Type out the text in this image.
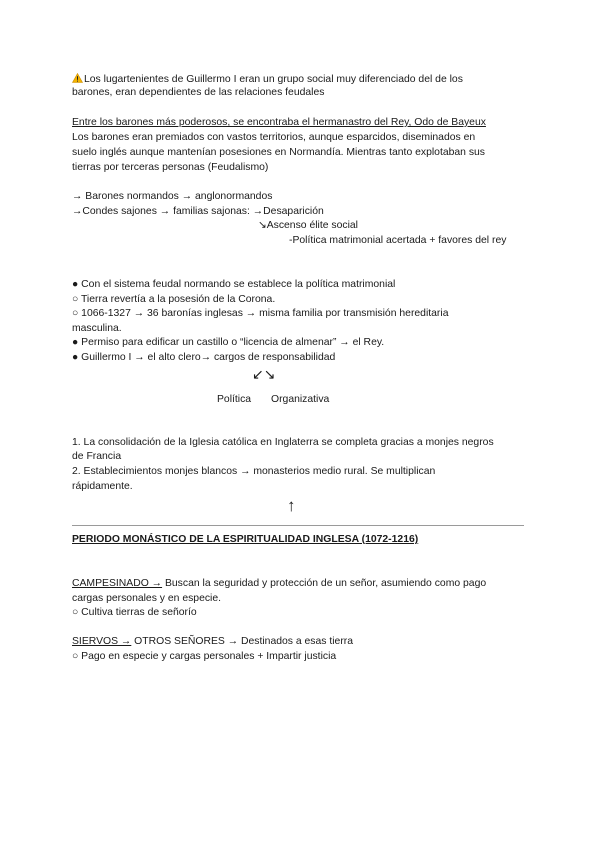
Los lugartenientes de Guillermo I eran un grupo social muy diferenciado del de los
barones, eran dependientes de las relaciones feudales
Entre los barones más poderosos, se encontraba el hermanastro del Rey, Odo de Bayeux
Los barones eran premiados con vastos territorios, aunque esparcidos, diseminados en
suelo inglés aunque mantenían posesiones en Normandía. Mientras tanto explotaban sus
tierras por terceras personas (Feudalismo)
→ Barones normandos → anglonormandos
→Condes sajones → familias sajonas: →Desaparición
↘Ascenso élite social
-Política matrimonial acertada + favores del rey
● Con el sistema feudal normando se establece la política matrimonial
○ Tierra revertía a la posesión de la Corona.
○ 1066-1327 → 36 baronías inglesas → misma familia por transmisión hereditaria
masculina.
● Permiso para edificar un castillo o “licencia de almenar” → el Rey.
● Guillermo I → el alto clero→ cargos de responsabilidad
↙↘
Política Organizativa
1. La consolidación de la Iglesia católica en Inglaterra se completa gracias a monjes negros
de Francia
2. Establecimientos monjes blancos → monasterios medio rural. Se multiplican
rápidamente.
↑
PERIODO MONÁSTICO DE LA ESPIRITUALIDAD INGLESA (1072-1216)
CAMPESINADO → Buscan la seguridad y protección de un señor, asumiendo como pago
cargas personales y en especie.
○ Cultiva tierras de señorío
SIERVOS → OTROS SEÑORES → Destinados a esas tierra
○ Pago en especie y cargas personales + Impartir justicia
